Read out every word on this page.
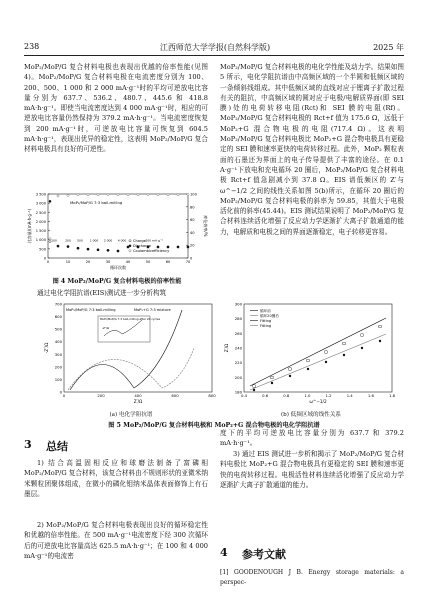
238	江西师范大学学报(自然科学版)	2025 年
MoP₂/MoP/G 复合材料电极也表现出优越的倍率性能(见图 4)。MoP₂/MoP/G 复合材料电极在电流密度分别为 100、200、500、1 000 和 2 000 mA·g⁻¹时的平均可逆放电比容量分别为 637.7、536.2、480.7、445.6 和 418.8 mA·h·g⁻¹。即使当电流密度达到 4 000 mA·g⁻¹时，相应的可逆放电比容量仍然保持为 379.2 mA·h·g⁻¹。当电流密度恢复到 200 mA·g⁻¹时，可逆放电比容量可恢复到 604.5 mA·h·g⁻¹，表现出优异的稳定性，这表明 MoP₂/MoP/G 复合材料电极具有良好的可逆性。
0
500
1 000
1 500
2 000
2 500
3 000
3 500
0
20
40
60
80
100
0	10	20	30	40	50	60	70
循环次数
比容量/(mA·h·g⁻¹)	库伦效率/%
MoP₂/MoP/G 7:3 ball-milling
100	200 500 1 000 2 000 4 000	200 mA·g⁻¹
Charge
Discharge
Coulombicefficiency
图 4 MoP₂/MoP/G 复合材料电极的倍率性能
通过电化学阻抗谱(EIS)测试进一步分析构筑
MoP₂/MoP/G 复合材料电极的电化学性能及动力学。结果如图 5 所示，电化学阻抗谱由中高频区域的一个半圆和低频区域的一条倾斜线组成。其中低频区域的直线对应于锂离子扩散过程有关的阻抗，中高频区域的圆对应于电极/电解质界面(即 SEI 膜)处的电荷转移电阻(Rct)和 SEI 膜的电阻(Rf)。MoP₂/MoP/G 复合材料电极的 Rct+f 值为 175.6 Ω，远低于 MoP₂+G 混合物电极的电阻(717.4 Ω)。这表明 MoP₂/MoP/G 复合材料电极比 MoP₂+G 混合物电极具有更稳定的 SEI 膜和速率更快的电荷转移过程。此外，MoP₂ 颗粒表面的石墨还为界面上的电子传导提供了丰富的途径。在 0.1 A·g⁻¹下放电和充电循环 20 圈后，MoP₂/MoP/G 复合材料电极 Rct+f 值急剧减小到 37.8 Ω。EIS 谱低频区的 Z′与 ω^−1/2 之间的线性关系如图 5(b)所示，在循环 20 圈后的 MoP₂/MoP/G 复合材料电极的斜率为 59.85，其值大于电极活化前的斜率(45.44)。EIS 测试结果说明了 MoP₂/MoP/G 复合材料连续活化增强了反应动力学逐渐扩大离子扩散通道的能力，电解质和电极之间的界面逐渐稳定，电子转移更容易。
0
100
200
300
400
500
600
700
0	200	400	600	800
Z′/Ω
-Z″/Ω
MoP₂/MoP/G 7:3 ball-milling	MoP₂+G 7:3 mixture
MoP₂/MoP/G 7:3 ball-milling after 20 cycles
-Z″/Ω
180
200
220
240
260
280
300
0.4	0.6	0.8	1.0	1.2	1.4	1.6	1.8
ω^−1/2
Z′/Ω
循环前
循环20圈后
Fitting
Fitting
(a) 电化学阻抗谱	(b) 低频区域的线性关系
图 5 MoP₂/MoP/G 复合材料电极和 MoP₂+G 混合物电极的电化学阻抗谱
3 总结
1) 结合高温固相反应和球磨法制备了富磷相 MoP₂/MoP/G 复合材料，该复合材料由不规则形状的亚微米纳米颗粒团聚体组成，在微小的磷化钼纳米晶体表面修饰上有石墨层。
2) MoP₂/MoP/G 复合材料电极表现出良好的循环稳定性和优越的倍率性能。在 500 mA·g⁻¹电流密度下经 300 次循环后的可逆放电比容量高达 625.5 mA·h·g⁻¹；在 100 和 4 000 mA·g⁻¹的电流密
度下的平均可逆放电比容量分别为 637.7 和 379.2 mA·h·g⁻¹。
3) 通过 EIS 测试进一步析和揭示了 MoP₂/MoP/G 复合材料电极比 MoP₂+G 混合物电极具有更稳定的 SEI 膜和速率更快的电荷转移过程。电极活性材料连续活化增强了反应动力学逐渐扩大离子扩散通道的能力。
4 参考文献
[1] GOODENOUGH J B. Energy storage materials: a perspec-
